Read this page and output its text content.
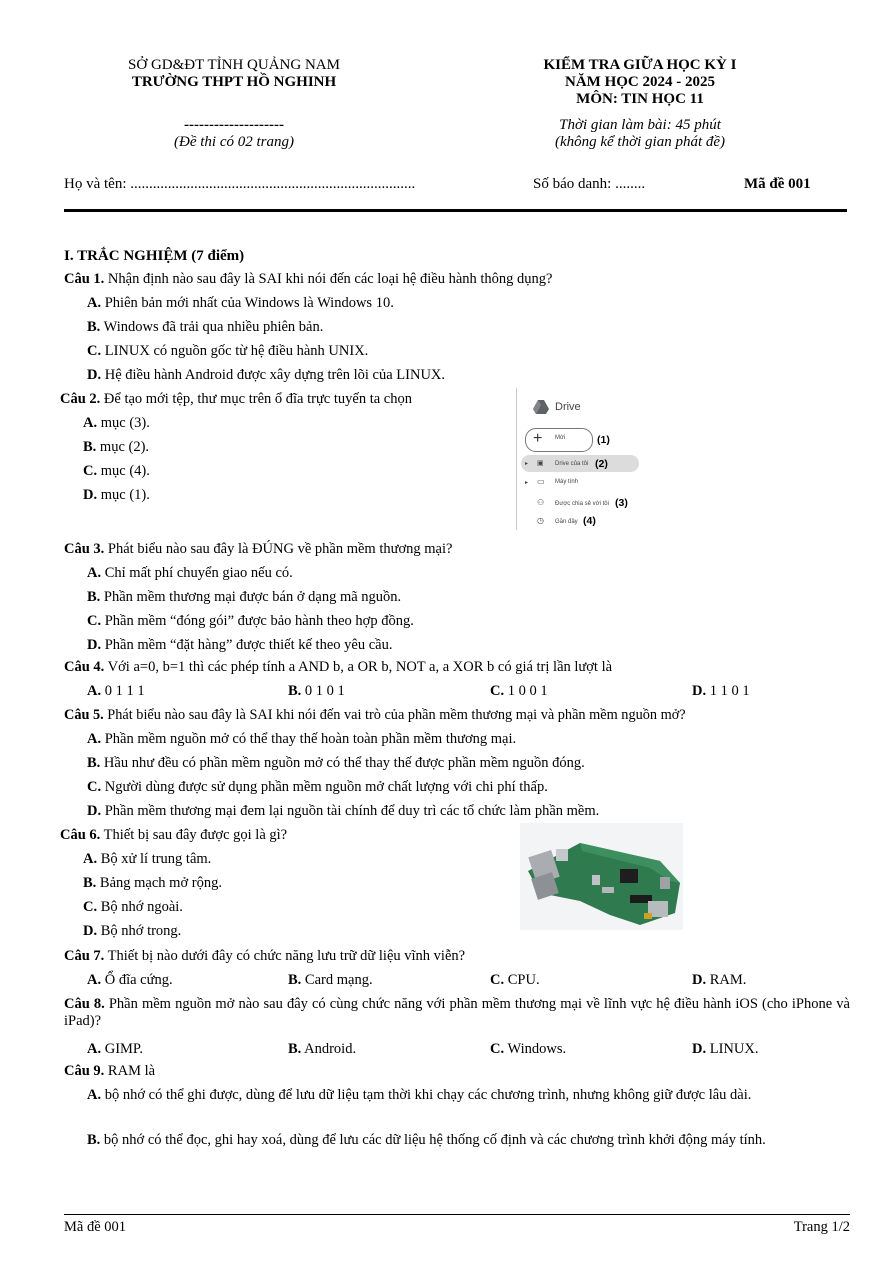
SỞ GD&ĐT TỈNH QUẢNG NAM
TRƯỜNG THPT HỒ NGHINH
KIỂM TRA GIỮA HỌC KỲ I
NĂM HỌC 2024 - 2025
MÔN: TIN HỌC 11
Thời gian làm bài: 45 phút
(không kể thời gian phát đề)
--------------------
(Đề thi có 02 trang)
Họ và tên: ............................................................................	Số báo danh: ........	Mã đề 001
I. TRẮC NGHIỆM (7 điểm)
Câu 1. Nhận định nào sau đây là SAI khi nói đến các loại hệ điều hành thông dụng?
A. Phiên bản mới nhất của Windows là Windows 10.
B. Windows đã trải qua nhiều phiên bản.
C. LINUX có nguồn gốc từ hệ điều hành UNIX.
D. Hệ điều hành Android được xây dựng trên lõi của LINUX.
Câu 2. Để tạo mới tệp, thư mục trên ổ đĩa trực tuyến ta chọn
A. mục (3).
B. mục (2).
C. mục (4).
D. mục (1).
Drive
+ Mới	(1)
▸ ▣ Drive của tôi (2)
▸ ▭ Máy tính
⚇ Được chia sẻ với tôi (3)
◷ Gần đây (4)
Câu 3. Phát biểu nào sau đây là ĐÚNG về phần mềm thương mại?
A. Chỉ mất phí chuyển giao nếu có.
B. Phần mềm thương mại được bán ở dạng mã nguồn.
C. Phần mềm “đóng gói” được bảo hành theo hợp đồng.
D. Phần mềm “đặt hàng” được thiết kế theo yêu cầu.
Câu 4. Với a=0, b=1 thì các phép tính a AND b, a OR b, NOT a, a XOR b có giá trị lần lượt là
A. 0 1 1 1	B. 0 1 0 1	C. 1 0 0 1	D. 1 1 0 1
Câu 5. Phát biểu nào sau đây là SAI khi nói đến vai trò của phần mềm thương mại và phần mềm nguồn mở?
A. Phần mềm nguồn mở có thể thay thế hoàn toàn phần mềm thương mại.
B. Hầu như đều có phần mềm nguồn mở có thể thay thế được phần mềm nguồn đóng.
C. Người dùng được sử dụng phần mềm nguồn mở chất lượng với chi phí thấp.
D. Phần mềm thương mại đem lại nguồn tài chính để duy trì các tổ chức làm phần mềm.
Câu 6. Thiết bị sau đây được gọi là gì?
A. Bộ xử lí trung tâm.
B. Bảng mạch mở rộng.
C. Bộ nhớ ngoài.
D. Bộ nhớ trong.
Câu 7. Thiết bị nào dưới đây có chức năng lưu trữ dữ liệu vĩnh viễn?
A. Ổ đĩa cứng.	B. Card mạng.	C. CPU.	D. RAM.
Câu 8. Phần mềm nguồn mở nào sau đây có cùng chức năng với phần mềm thương mại về lĩnh vực hệ điều hành iOS (cho iPhone và iPad)?
A. GIMP.	B. Android.	C. Windows.	D. LINUX.
Câu 9. RAM là
A. bộ nhớ có thể ghi được, dùng để lưu dữ liệu tạm thời khi chạy các chương trình, nhưng không giữ được lâu dài.
B. bộ nhớ có thể đọc, ghi hay xoá, dùng để lưu các dữ liệu hệ thống cố định và các chương trình khởi động máy tính.
Mã đề 001	Trang 1/2
